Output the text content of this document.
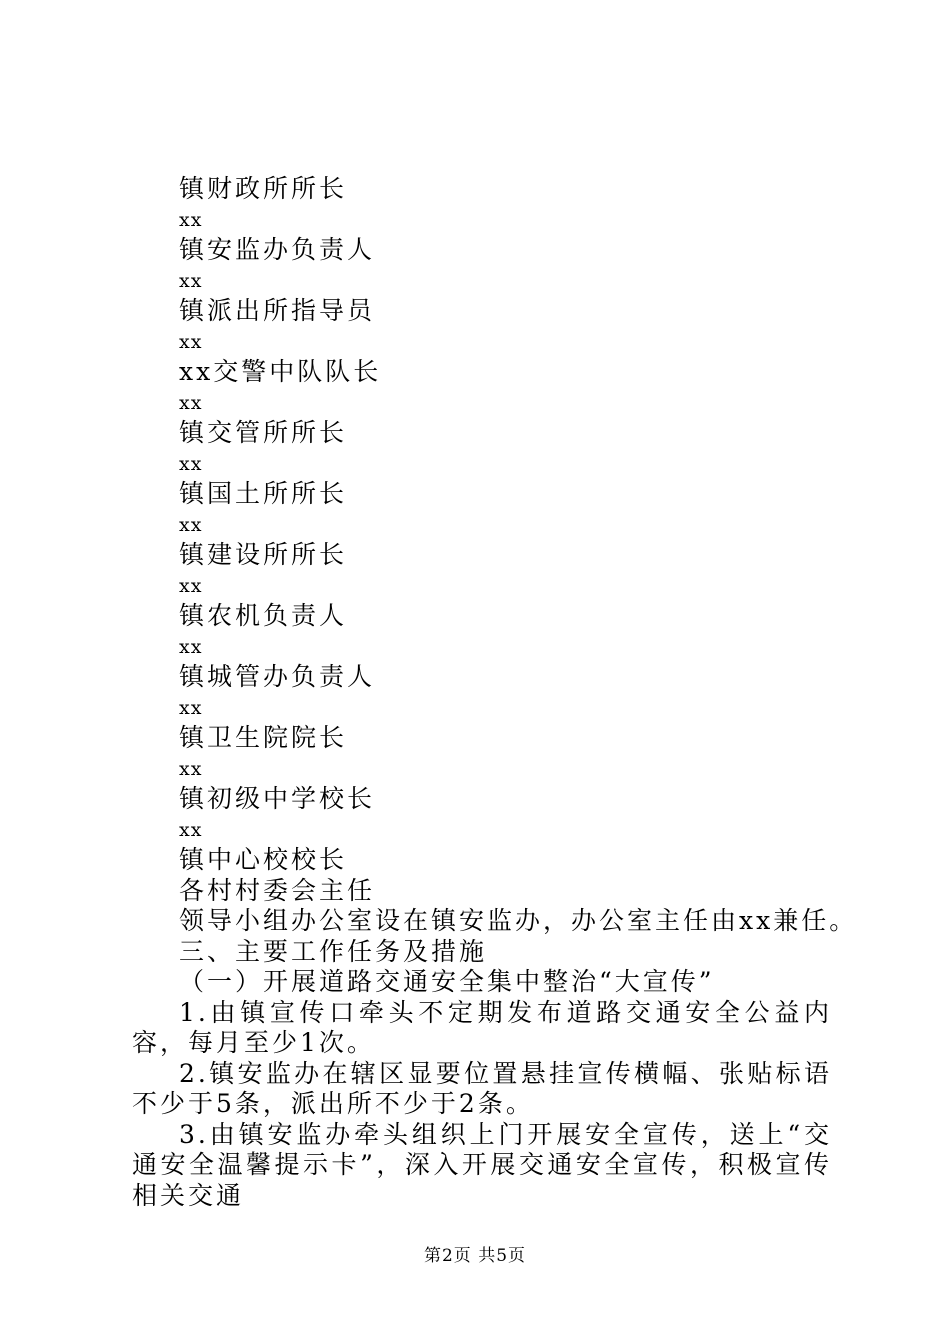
镇财政所所长
xx
镇安监办负责人
xx
镇派出所指导员
xx
xx交警中队队长
xx
镇交管所所长
xx
镇国土所所长
xx
镇建设所所长
xx
镇农机负责人
xx
镇城管办负责人
xx
镇卫生院院长
xx
镇初级中学校长
xx
镇中心校校长
各村村委会主任
领导小组办公室设在镇安监办，办公室主任由xx兼任。
三、主要工作任务及措施
（一）开展道路交通安全集中整治“大宣传”
1.由镇宣传口牵头不定期发布道路交通安全公益内容，每月至少1次。
2.镇安监办在辖区显要位置悬挂宣传横幅、张贴标语不少于5条，派出所不少于2条。
3.由镇安监办牵头组织上门开展安全宣传，送上“交通安全温馨提示卡”，深入开展交通安全宣传，积极宣传相关交通
第2页 共5页
